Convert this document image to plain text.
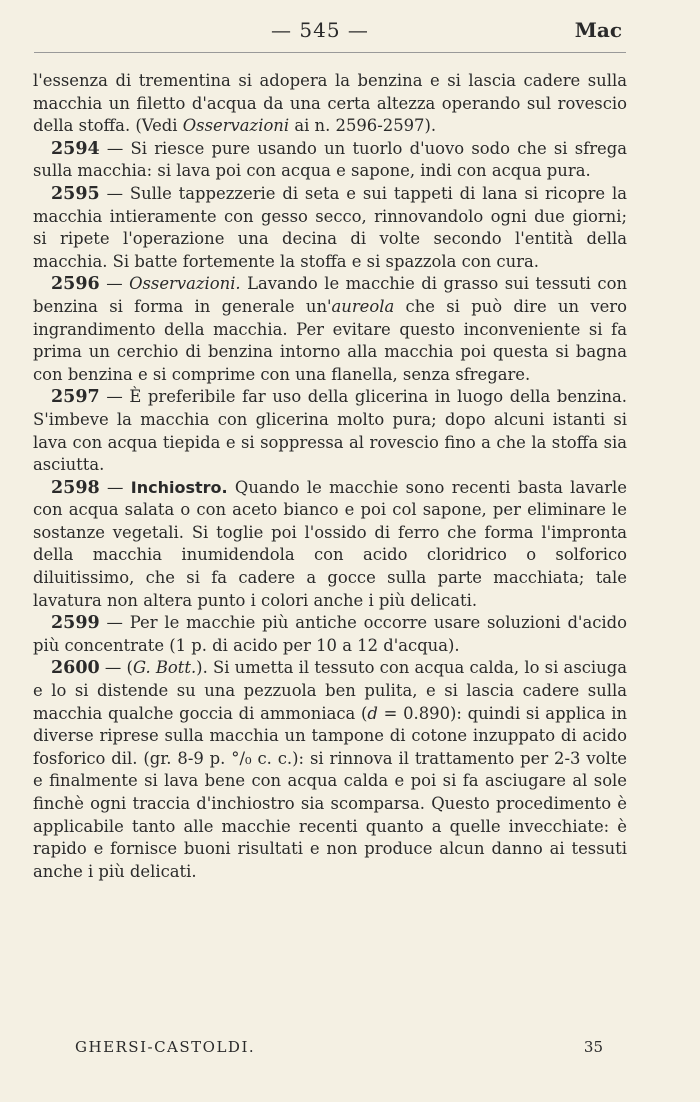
— 545 —	Mac

l'essenza di trementina si adopera la benzina e si lascia cadere sulla macchia un filetto d'acqua da una certa altezza operando sul rovescio della stoffa. (Vedi Osservazioni ai n. 2596-2597).

2594 — Si riesce pure usando un tuorlo d'uovo sodo che si sfrega sulla macchia: si lava poi con acqua e sapone, indi con acqua pura.

2595 — Sulle tappezzerie di seta e sui tappeti di lana si ricopre la macchia intieramente con gesso secco, rinnovandolo ogni due giorni; si ripete l'operazione una decina di volte secondo l'entità della macchia. Si batte fortemente la stoffa e si spazzola con cura.

2596 — Osservazioni. Lavando le macchie di grasso sui tessuti con benzina si forma in generale un'aureola che si può dire un vero ingrandimento della macchia. Per evitare questo inconveniente si fa prima un cerchio di benzina intorno alla macchia poi questa si bagna con benzina e si comprime con una flanella, senza sfregare.

2597 — È preferibile far uso della glicerina in luogo della benzina. S'imbeve la macchia con glicerina molto pura; dopo alcuni istanti si lava con acqua tiepida e si soppressa al rovescio fino a che la stoffa sia asciutta.

2598 — Inchiostro. Quando le macchie sono recenti basta lavarle con acqua salata o con aceto bianco e poi col sapone, per eliminare le sostanze vegetali. Si toglie poi l'ossido di ferro che forma l'impronta della macchia inumidendola con acido cloridrico o solforico diluitissimo, che si fa cadere a gocce sulla parte macchiata; tale lavatura non altera punto i colori anche i più delicati.

2599 — Per le macchie più antiche occorre usare soluzioni d'acido più concentrate (1 p. di acido per 10 a 12 d'acqua).

2600 — (G. Bott.). Si umetta il tessuto con acqua calda, lo si asciuga e lo si distende su una pezzuola ben pulita, e si lascia cadere sulla macchia qualche goccia di ammoniaca (d = 0.890): quindi si applica in diverse riprese sulla macchia un tampone di cotone inzuppato di acido fosforico dil. (gr. 8-9 p. °/₀ c. c.): si rinnova il trattamento per 2-3 volte e finalmente si lava bene con acqua calda e poi si fa asciugare al sole finchè ogni traccia d'inchiostro sia scomparsa. Questo procedimento è applicabile tanto alle macchie recenti quanto a quelle invecchiate: è rapido e fornisce buoni risultati e non produce alcun danno ai tessuti anche i più delicati.

GHERSI-CASTOLDI.	35
